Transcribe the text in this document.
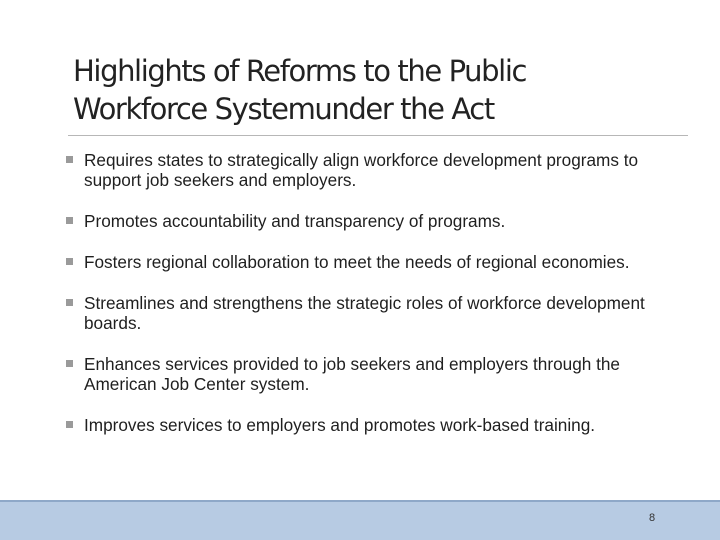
Highlights of Reforms to the Public
Workforce Systemunder the Act
Requires states to strategically align workforce development programs to support job seekers and employers.
Promotes accountability and transparency of programs.
Fosters regional collaboration to meet the needs of regional economies.
Streamlines and strengthens the strategic roles of workforce development boards.
Enhances services provided to job seekers and employers through the American Job Center system.
Improves services to employers and promotes work-based training.
8
